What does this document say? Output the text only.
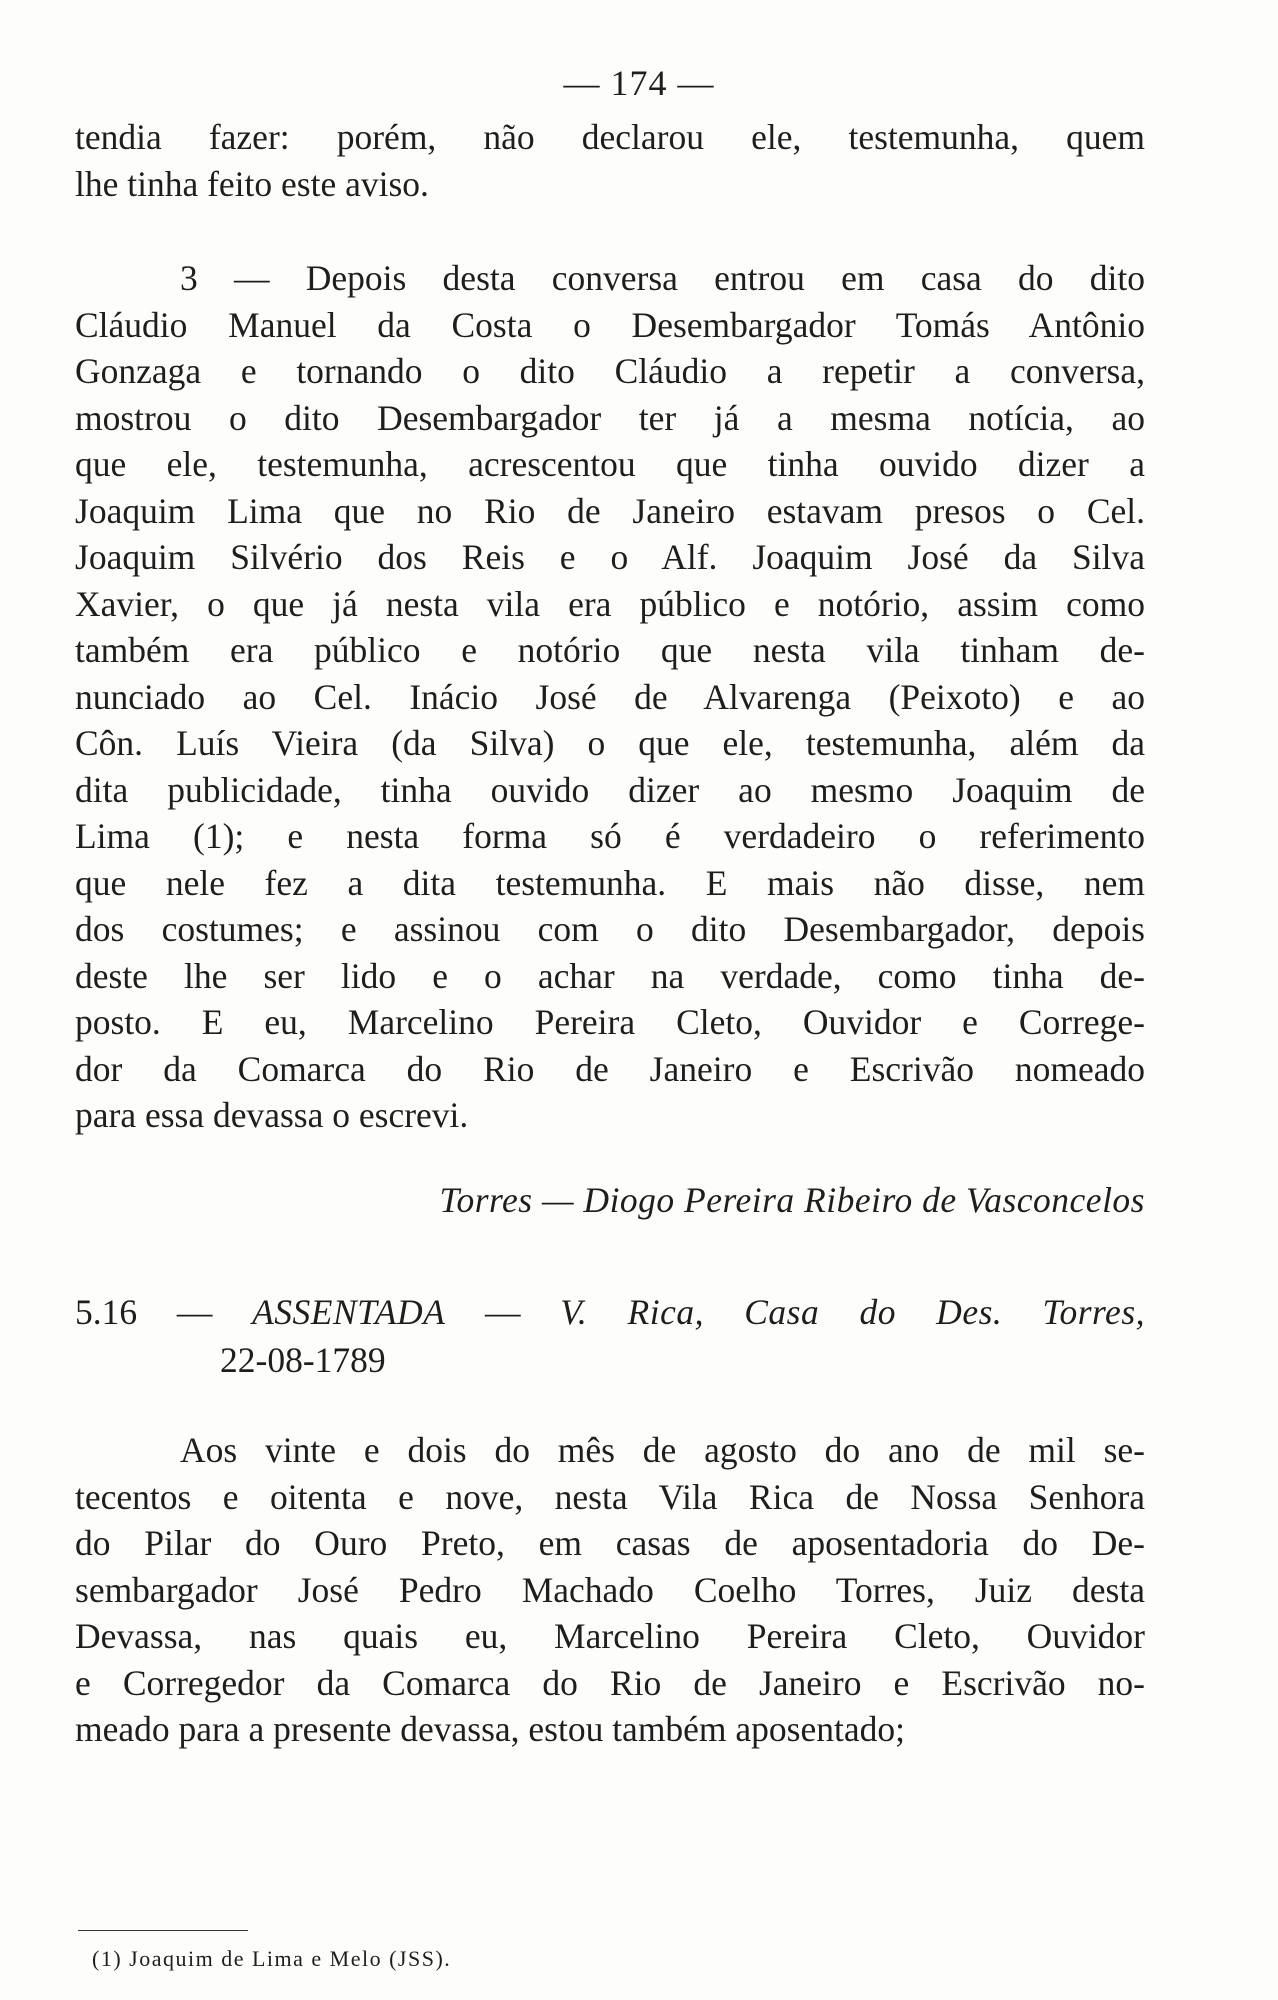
— 174 —
tendia fazer: porém, não declarou ele, testemunha, quem
lhe tinha feito este aviso.
3 — Depois desta conversa entrou em casa do dito
Cláudio Manuel da Costa o Desembargador Tomás Antônio
Gonzaga e tornando o dito Cláudio a repetir a conversa,
mostrou o dito Desembargador ter já a mesma notícia, ao
que ele, testemunha, acrescentou que tinha ouvido dizer a
Joaquim Lima que no Rio de Janeiro estavam presos o Cel.
Joaquim Silvério dos Reis e o Alf. Joaquim José da Silva
Xavier, o que já nesta vila era público e notório, assim como
também era público e notório que nesta vila tinham de-
nunciado ao Cel. Inácio José de Alvarenga (Peixoto) e ao
Côn. Luís Vieira (da Silva) o que ele, testemunha, além da
dita publicidade, tinha ouvido dizer ao mesmo Joaquim de
Lima (1); e nesta forma só é verdadeiro o referimento
que nele fez a dita testemunha. E mais não disse, nem
dos costumes; e assinou com o dito Desembargador, depois
deste lhe ser lido e o achar na verdade, como tinha de-
posto. E eu, Marcelino Pereira Cleto, Ouvidor e Correge-
dor da Comarca do Rio de Janeiro e Escrivão nomeado
para essa devassa o escrevi.
Torres — Diogo Pereira Ribeiro de Vasconcelos
5.16 — ASSENTADA — V. Rica, Casa do Des. Torres,
22-08-1789
Aos vinte e dois do mês de agosto do ano de mil se-
tecentos e oitenta e nove, nesta Vila Rica de Nossa Senhora
do Pilar do Ouro Preto, em casas de aposentadoria do De-
sembargador José Pedro Machado Coelho Torres, Juiz desta
Devassa, nas quais eu, Marcelino Pereira Cleto, Ouvidor
e Corregedor da Comarca do Rio de Janeiro e Escrivão no-
meado para a presente devassa, estou também aposentado;
(1) Joaquim de Lima e Melo (JSS).
